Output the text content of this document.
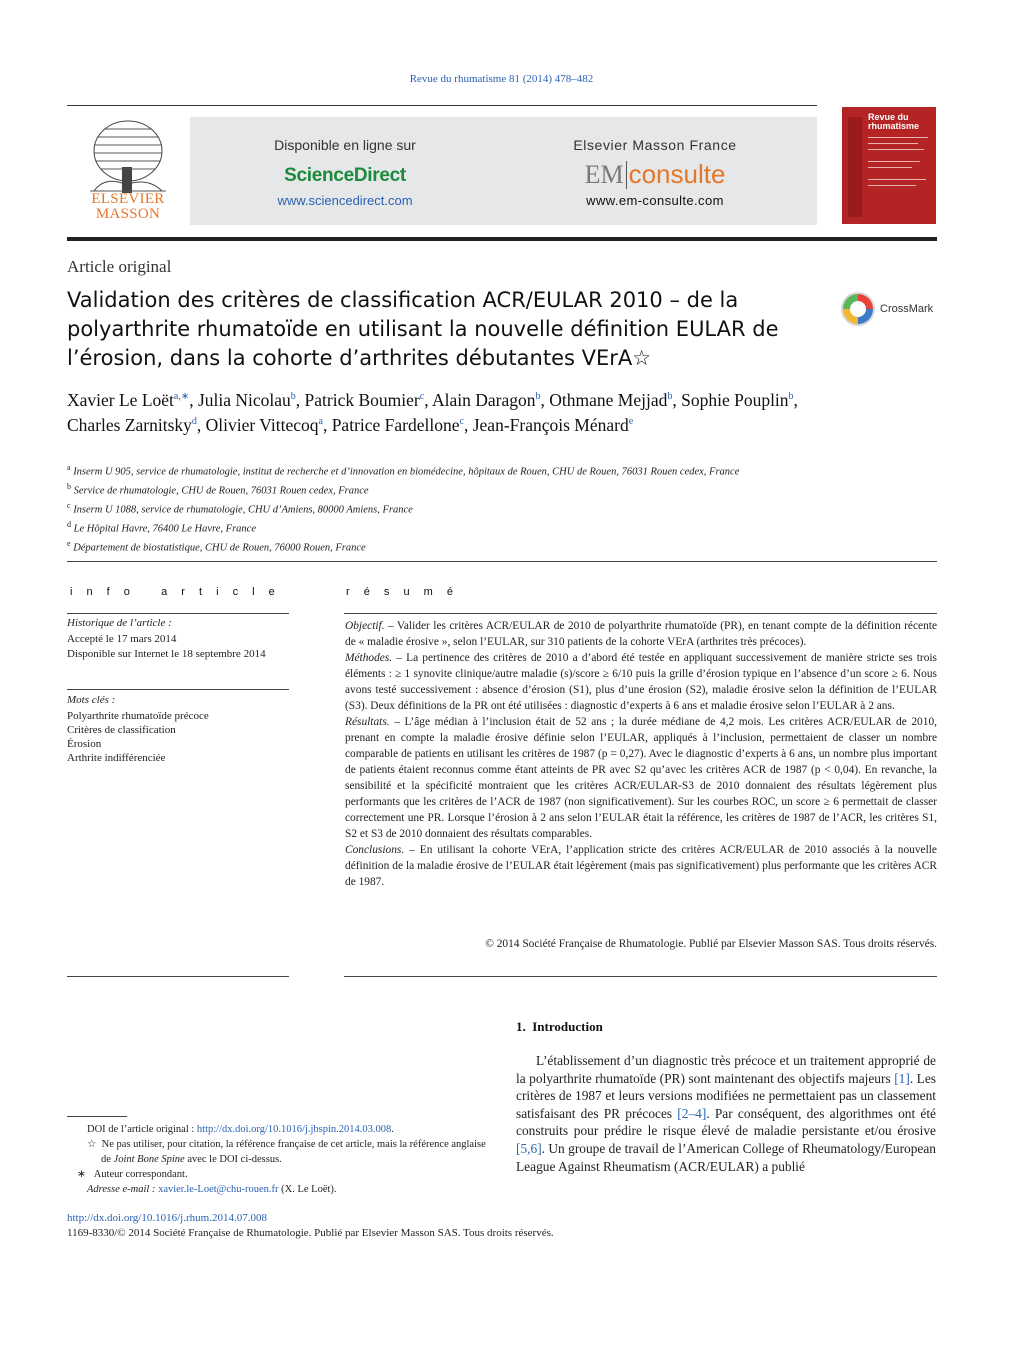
Revue du rhumatisme 81 (2014) 478–482
ELSEVIER
MASSON
Disponible en ligne sur
ScienceDirect
www.sciencedirect.com
Elsevier Masson France
EM consulte
www.em-consulte.com
Revue du rhumatisme
Article original
Validation des critères de classification ACR/EULAR 2010 – de la polyarthrite rhumatoïde en utilisant la nouvelle définition EULAR de l’érosion, dans la cohorte d’arthrites débutantes VErA☆
CrossMark
Xavier Le Loët$^{a,∗}$, Julia Nicolau$^b$, Patrick Boumier$^c$, Alain Daragon$^b$, Othmane Mejjad$^b$, Sophie Pouplin$^b$, Charles Zarnitsky$^d$, Olivier Vittecoq$^a$, Patrice Fardellone$^c$, Jean-François Ménard$^e$
$^a$ Inserm U 905, service de rhumatologie, institut de recherche et d’innovation en biomédecine, hôpitaux de Rouen, CHU de Rouen, 76031 Rouen cedex, France
$^b$ Service de rhumatologie, CHU de Rouen, 76031 Rouen cedex, France
$^c$ Inserm U 1088, service de rhumatologie, CHU d’Amiens, 80000 Amiens, France
$^d$ Le Hôpital Havre, 76400 Le Havre, France
$^e$ Département de biostatistique, CHU de Rouen, 76000 Rouen, France
i n f o   a r t i c l e
Historique de l’article :
Accepté le 17 mars 2014
Disponible sur Internet le 18 septembre 2014
Mots clés :
Polyarthrite rhumatoïde précoce
Critères de classification
Érosion
Arthrite indifférenciée
r é s u m é

Objectif. – Valider les critères ACR/EULAR de 2010 de polyarthrite rhumatoïde (PR), en tenant compte de la définition récente de « maladie érosive », selon l’EULAR, sur 310 patients de la cohorte VErA (arthrites très précoces).

Méthodes. – La pertinence des critères de 2010 a d’abord été testée en appliquant successivement de manière stricte ses trois éléments : ≥ 1 synovite clinique/autre maladie (s)/score ≥ 6/10 puis la grille d’érosion typique en l’absence d’un score ≥ 6. Nous avons testé successivement : absence d’érosion (S1), plus d’une érosion (S2), maladie érosive selon la définition de l’EULAR (S3). Deux définitions de la PR ont été utilisées : diagnostic d’experts à 6 ans et maladie érosive selon l’EULAR à 2 ans.

Résultats. – L’âge médian à l’inclusion était de 52 ans ; la durée médiane de 4,2 mois. Les critères ACR/EULAR de 2010, prenant en compte la maladie érosive définie selon l’EULAR, appliqués à l’inclusion, permettaient de classer un nombre comparable de patients en utilisant les critères de 1987 (p = 0,27). Avec le diagnostic d’experts à 6 ans, un nombre plus important de patients étaient reconnus comme étant atteints de PR avec S2 qu’avec les critères ACR de 1987 (p < 0,04). En revanche, la sensibilité et la spécificité montraient que les critères ACR/EULAR-S3 de 2010 donnaient des résultats légèrement plus performants que les critères de l’ACR de 1987 (non significativement). Sur les courbes ROC, un score ≥ 6 permettait de classer correctement une PR. Lorsque l’érosion à 2 ans selon l’EULAR était la référence, les critères de 1987 de l’ACR, les critères S1, S2 et S3 de 2010 donnaient des résultats comparables.

Conclusions. – En utilisant la cohorte VErA, l’application stricte des critères ACR/EULAR de 2010 associés à la nouvelle définition de la maladie érosive de l’EULAR était légèrement (mais pas significativement) plus performante que les critères ACR de 1987.

© 2014 Société Française de Rhumatologie. Publié par Elsevier Masson SAS. Tous droits réservés.
1.  Introduction
L’établissement d’un diagnostic très précoce et un traitement approprié de la polyarthrite rhumatoïde (PR) sont maintenant des objectifs majeurs [1]. Les critères de 1987 et leurs versions modifiées ne permettaient pas un classement satisfaisant des PR précoces [2–4]. Par conséquent, des algorithmes ont été construits pour prédire le risque élevé de maladie persistante et/ou érosive [5,6]. Un groupe de travail de l’American College of Rheumatology/European League Against Rheumatism (ACR/EULAR) a publié
DOI de l’article original : http://dx.doi.org/10.1016/j.jbspin.2014.03.008.
☆ Ne pas utiliser, pour citation, la référence française de cet article, mais la référence anglaise de Joint Bone Spine avec le DOI ci-dessus.
∗ Auteur correspondant.
Adresse e-mail : xavier.le-Loet@chu-rouen.fr (X. Le Loët).
http://dx.doi.org/10.1016/j.rhum.2014.07.008
1169-8330/© 2014 Société Française de Rhumatologie. Publié par Elsevier Masson SAS. Tous droits réservés.
